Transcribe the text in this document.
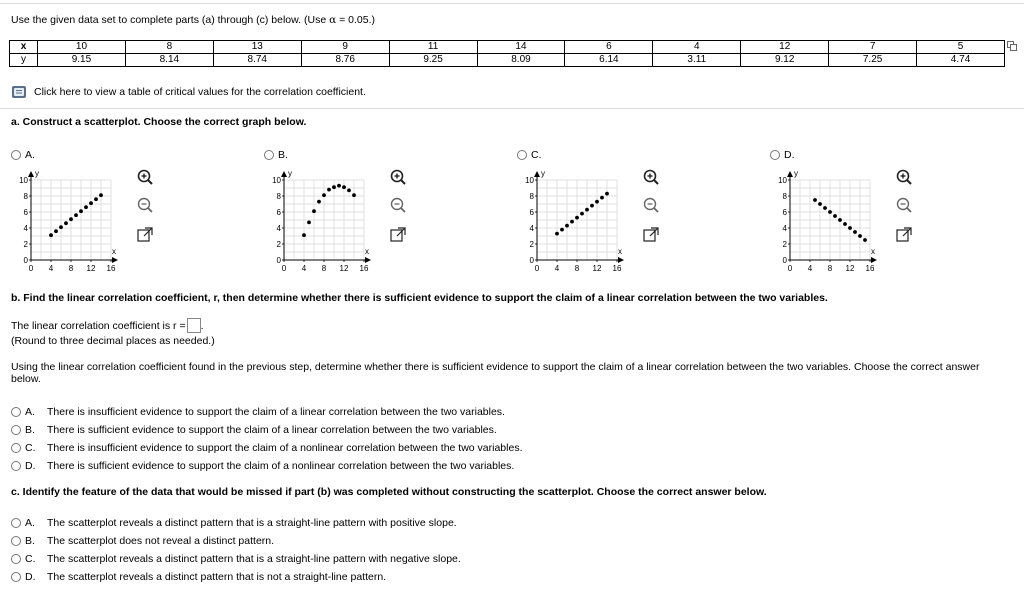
Use the given data set to complete parts (a) through (c) below. (Use α = 0.05.)
x	10	8	13	9	11	14	6	4	12	7	5
y	9.15	8.14	8.74	8.76	9.25	8.09	6.14	3.11	9.12	7.25	4.74
Click here to view a table of critical values for the correlation coefficient.
a. Construct a scatterplot. Choose the correct graph below.
A.
y
x
0
2
4
6
8
10
0 4 8 12 16
B.
y
x
0
2
4
6
8
10
0 4 8 12 16
C.
y
x
0
2
4
6
8
10
0 4 8 12 16
D.
y
x
0
2
4
6
8
10
0 4 8 12 16
b. Find the linear correlation coefficient, r, then determine whether there is sufficient evidence to support the claim of a linear correlation between the two variables.
The linear correlation coefficient is r = .
(Round to three decimal places as needed.)
Using the linear correlation coefficient found in the previous step, determine whether there is sufficient evidence to support the claim of a linear correlation between the two variables. Choose the correct answer below.
A.	There is insufficient evidence to support the claim of a linear correlation between the two variables.
B.	There is sufficient evidence to support the claim of a linear correlation between the two variables.
C.	There is insufficient evidence to support the claim of a nonlinear correlation between the two variables.
D.	There is sufficient evidence to support the claim of a nonlinear correlation between the two variables.
c. Identify the feature of the data that would be missed if part (b) was completed without constructing the scatterplot. Choose the correct answer below.
A.	The scatterplot reveals a distinct pattern that is a straight-line pattern with positive slope.
B.	The scatterplot does not reveal a distinct pattern.
C.	The scatterplot reveals a distinct pattern that is a straight-line pattern with negative slope.
D.	The scatterplot reveals a distinct pattern that is not a straight-line pattern.
